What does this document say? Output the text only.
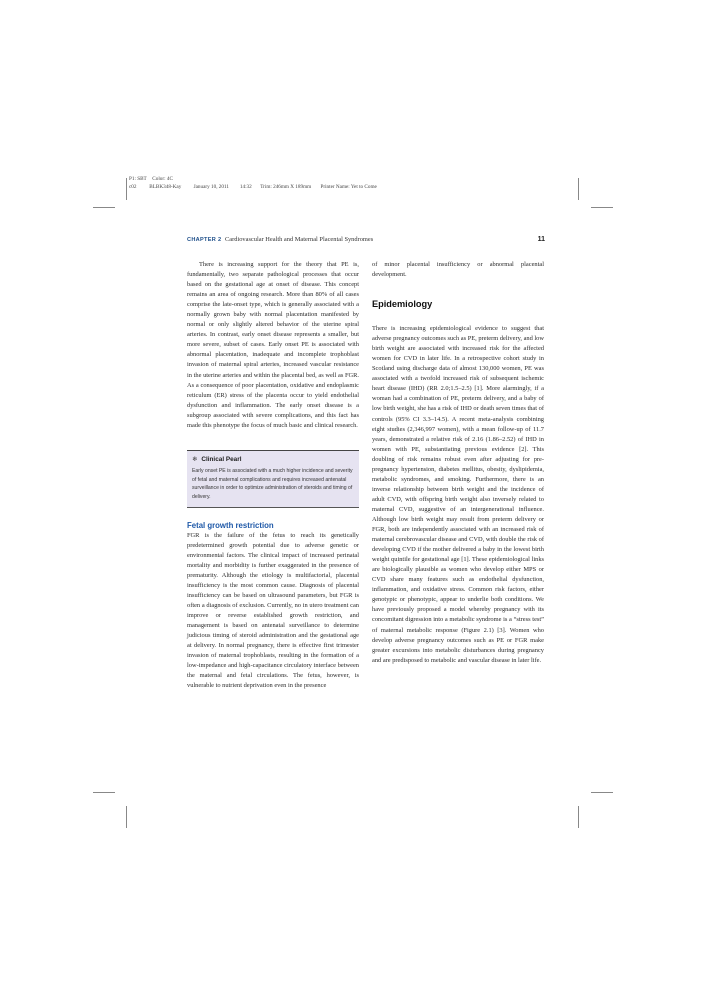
P1: SBT Color: 4C
c02 BLBK348-Kay January 10, 2011 14:32 Trim: 246mm X 189mm Printer Name: Yet to Come
CHAPTER 2 Cardiovascular Health and Maternal Placental Syndromes	11

There is increasing support for the theory that PE is, fundamentally, two separate pathological processes that occur based on the gestational age at onset of disease. This concept remains an area of ongoing research. More than 80% of all cases comprise the late-onset type, which is generally associated with a normally grown baby with normal placentation manifested by normal or only slightly altered behavior of the uterine spiral arteries. In contrast, early onset disease represents a smaller, but more severe, subset of cases. Early onset PE is associated with abnormal placentation, inadequate and incomplete trophoblast invasion of maternal spiral arteries, increased vascular resistance in the uterine arteries and within the placental bed, as well as FGR. As a consequence of poor placentation, oxidative and endoplasmic reticulum (ER) stress of the placenta occur to yield endothelial dysfunction and inflammation. The early onset disease is a subgroup associated with severe complications, and this fact has made this phenotype the focus of much basic and clinical research.

❄ Clinical Pearl
Early onset PE is associated with a much higher incidence and severity of fetal and maternal complications and requires increased antenatal surveillance in order to optimize administration of steroids and timing of delivery.
Fetal growth restriction

FGR is the failure of the fetus to reach its genetically predetermined growth potential due to adverse genetic or environmental factors. The clinical impact of increased perinatal mortality and morbidity is further exaggerated in the presence of prematurity. Although the etiology is multifactorial, placental insufficiency is the most common cause. Diagnosis of placental insufficiency can be based on ultrasound parameters, but FGR is often a diagnosis of exclusion. Currently, no in utero treatment can improve or reverse established growth restriction, and management is based on antenatal surveillance to determine judicious timing of steroid administration and the gestational age at delivery. In normal pregnancy, there is effective first trimester invasion of maternal trophoblasts, resulting in the formation of a low-impedance and high-capacitance circulatory interface between the maternal and fetal circulations. The fetus, however, is vulnerable to nutrient deprivation even in the presence

of minor placental insufficiency or abnormal placental development.

Epidemiology

There is increasing epidemiological evidence to suggest that adverse pregnancy outcomes such as PE, preterm delivery, and low birth weight are associated with increased risk for the affected women for CVD in later life. In a retrospective cohort study in Scotland using discharge data of almost 130,000 women, PE was associated with a twofold increased risk of subsequent ischemic heart disease (IHD) (RR 2.0;1.5–2.5) [1]. More alarmingly, if a woman had a combination of PE, preterm delivery, and a baby of low birth weight, she has a risk of IHD or death seven times that of controls (95% CI 3.3–14.5). A recent meta-analysis combining eight studies (2,346,997 women), with a mean follow-up of 11.7 years, demonstrated a relative risk of 2.16 (1.86–2.52) of IHD in women with PE, substantiating previous evidence [2]. This doubling of risk remains robust even after adjusting for pre-pregnancy hypertension, diabetes mellitus, obesity, dyslipidemia, metabolic syndromes, and smoking. Furthermore, there is an inverse relationship between birth weight and the incidence of adult CVD, with offspring birth weight also inversely related to maternal CVD, suggestive of an intergenerational influence. Although low birth weight may result from preterm delivery or FGR, both are independently associated with an increased risk of maternal cerebrovascular disease and CVD, with double the risk of developing CVD if the mother delivered a baby in the lowest birth weight quintile for gestational age [1]. These epidemiological links are biologically plausible as women who develop either MPS or CVD share many features such as endothelial dysfunction, inflammation, and oxidative stress. Common risk factors, either genotypic or phenotypic, appear to underlie both conditions. We have previously proposed a model whereby pregnancy with its concomitant digression into a metabolic syndrome is a “stress test” of maternal metabolic response (Figure 2.1) [3]. Women who develop adverse pregnancy outcomes such as PE or FGR make greater excursions into metabolic disturbances during pregnancy and are predisposed to metabolic and vascular disease in later life.
